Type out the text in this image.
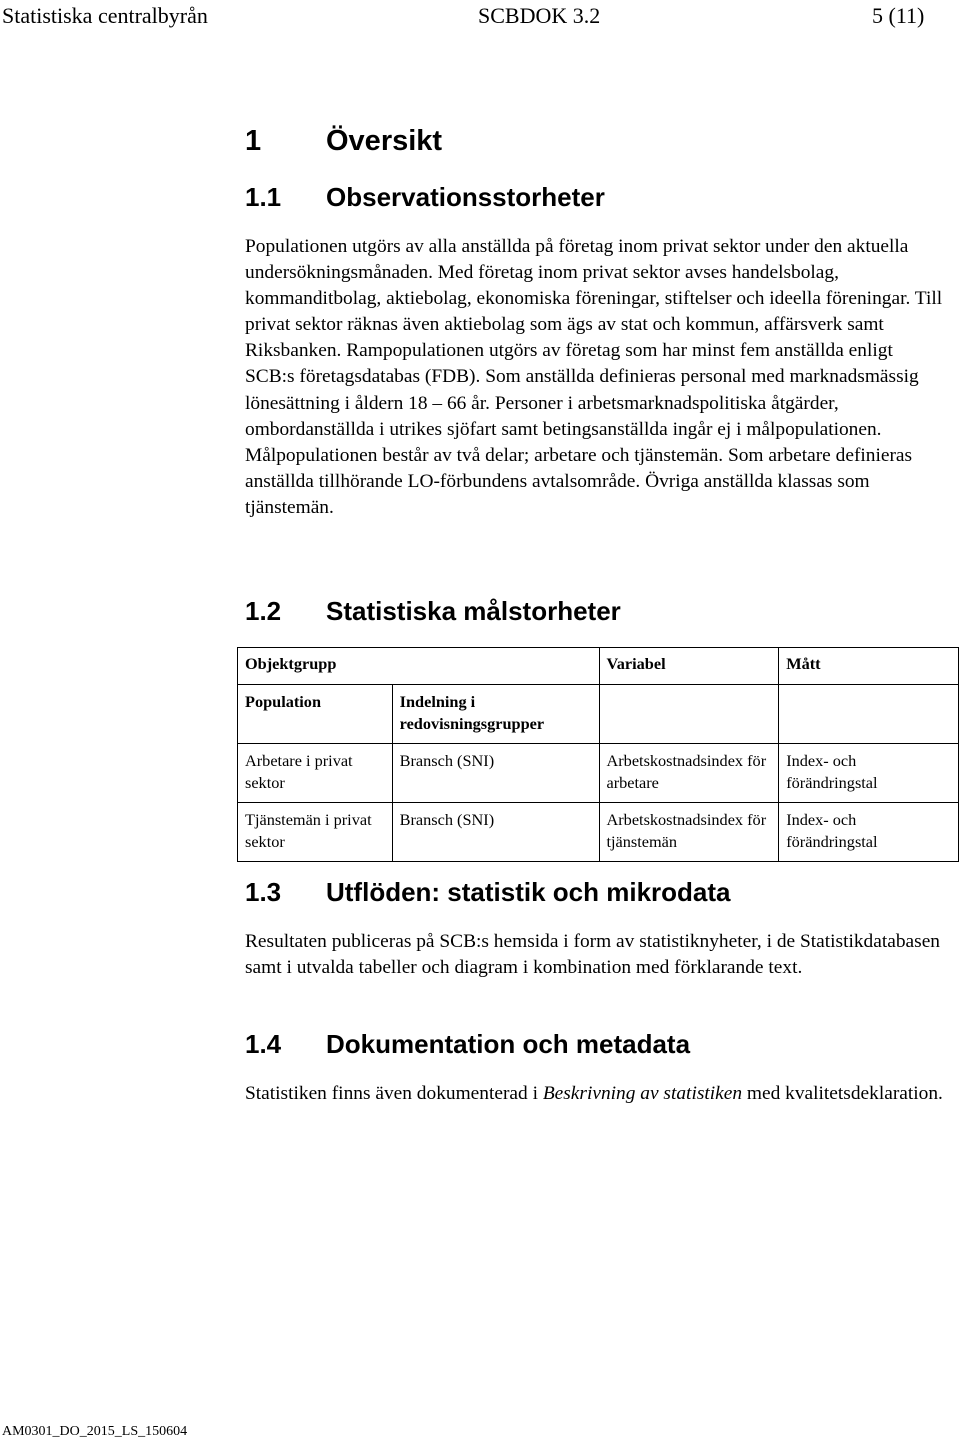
Statistiska centralbyrån	SCBDOK 3.2	5 (11)
1 Översikt
1.1 Observationsstorheter

Populationen utgörs av alla anställda på företag inom privat sektor under den aktuella undersökningsmånaden. Med företag inom privat sektor avses handelsbolag, kommanditbolag, aktiebolag, ekonomiska föreningar, stiftelser och ideella föreningar. Till privat sektor räknas även aktiebolag som ägs av stat och kommun, affärsverk samt Riksbanken. Rampopulationen utgörs av företag som har minst fem anställda enligt SCB:s företagsdatabas (FDB). Som anställda definieras personal med marknadsmässig lönesättning i åldern 18 – 66 år. Personer i arbetsmarknadspolitiska åtgärder, ombordanställda i utrikes sjöfart samt betingsanställda ingår ej i målpopulationen. Målpopulationen består av två delar; arbetare och tjänstemän. Som arbetare definieras anställda tillhörande LO-förbundens avtalsområde. Övriga anställda klassas som tjänstemän.

1.2 Statistiska målstorheter
Objektgrupp		Variabel	Mått
Population	Indelning i redovisningsgrupper		
Arbetare i privat sektor	Bransch (SNI)	Arbetskostnadsindex för arbetare	Index- och förändringstal
Tjänstemän i privat sektor	Bransch (SNI)	Arbetskostnadsindex för tjänstemän	Index- och förändringstal
1.3 Utflöden: statistik och mikrodata

Resultaten publiceras på SCB:s hemsida i form av statistiknyheter, i de Statistikdatabasen samt i utvalda tabeller och diagram i kombination med förklarande text.

1.4 Dokumentation och metadata

Statistiken finns även dokumenterad i Beskrivning av statistiken med kvalitetsdeklaration.

AM0301_DO_2015_LS_150604
